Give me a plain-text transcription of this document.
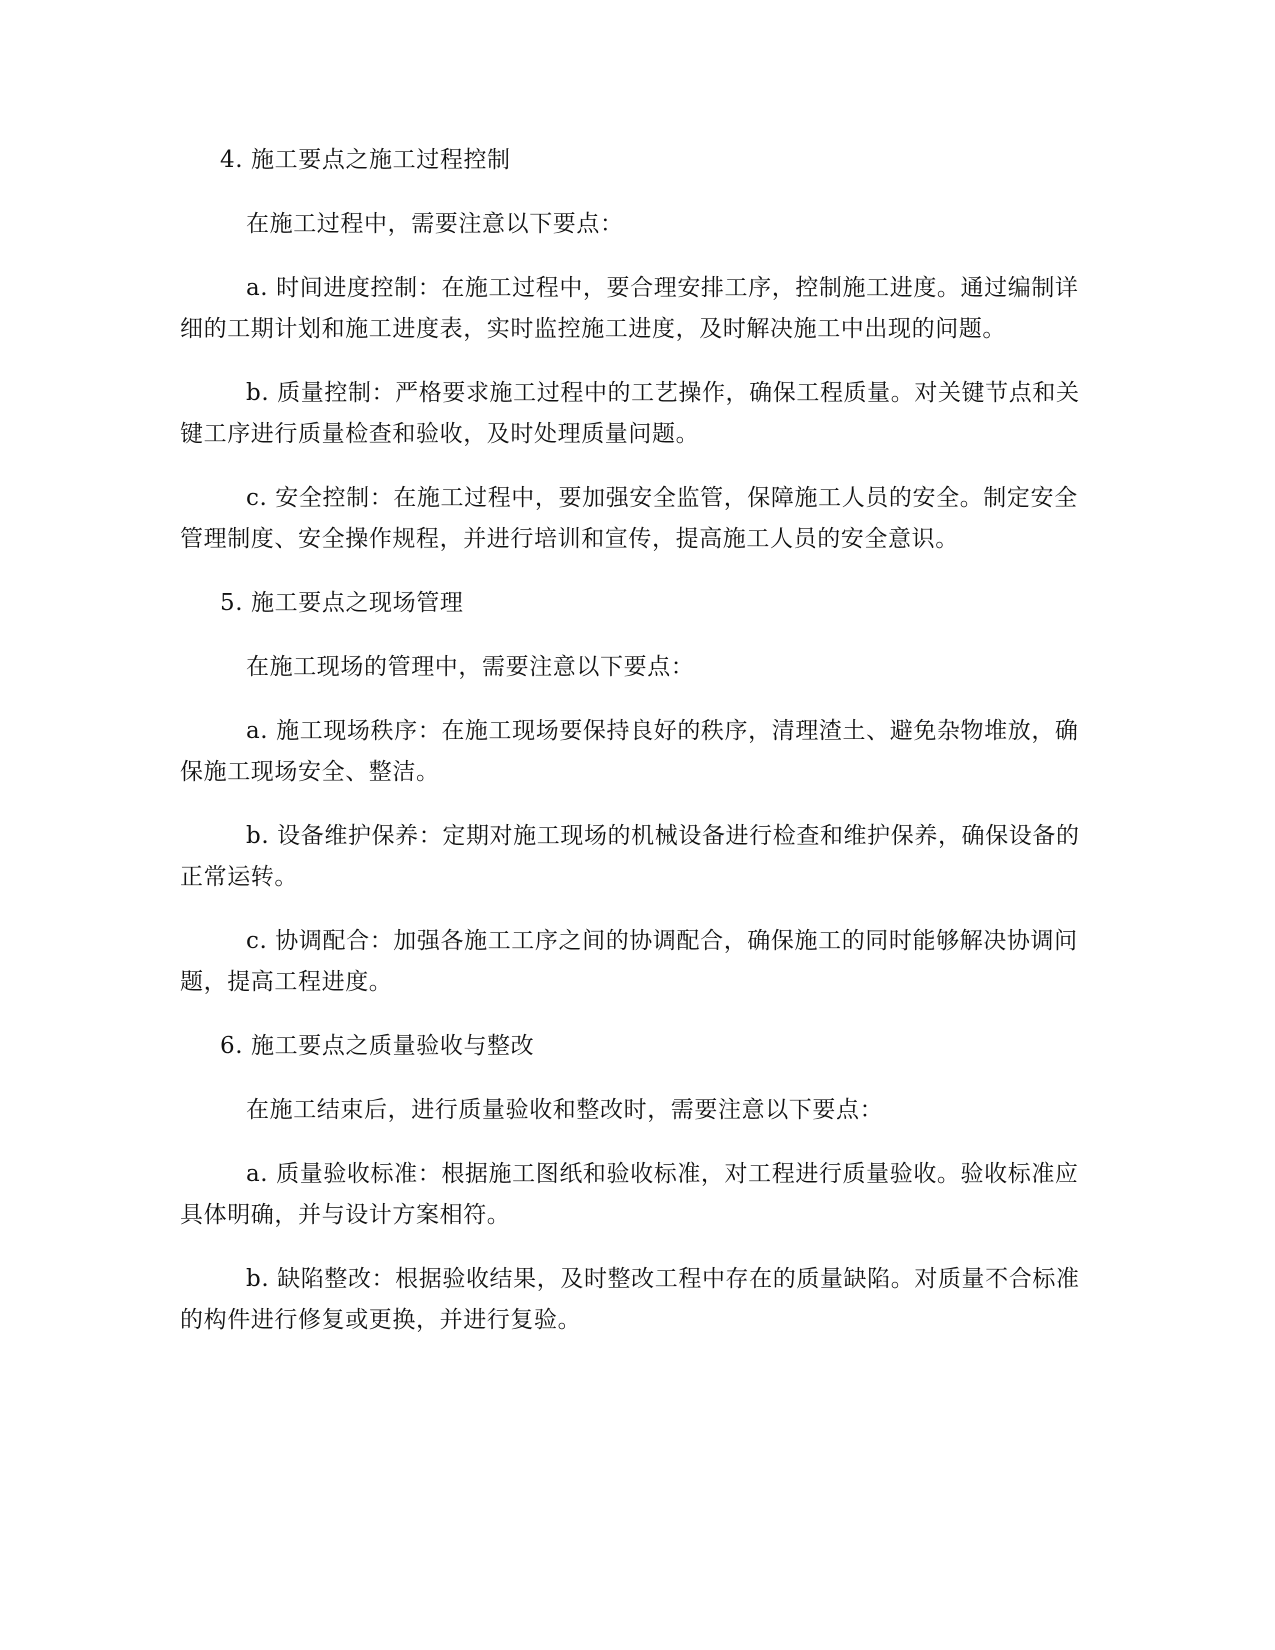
4. 施工要点之施工过程控制

在施工过程中，需要注意以下要点：

a. 时间进度控制：在施工过程中，要合理安排工序，控制施工进度。通过编制详细的工期计划和施工进度表，实时监控施工进度，及时解决施工中出现的问题。

b. 质量控制：严格要求施工过程中的工艺操作，确保工程质量。对关键节点和关键工序进行质量检查和验收，及时处理质量问题。

c. 安全控制：在施工过程中，要加强安全监管，保障施工人员的安全。制定安全管理制度、安全操作规程，并进行培训和宣传，提高施工人员的安全意识。

5. 施工要点之现场管理

在施工现场的管理中，需要注意以下要点：

a. 施工现场秩序：在施工现场要保持良好的秩序，清理渣土、避免杂物堆放，确保施工现场安全、整洁。

b. 设备维护保养：定期对施工现场的机械设备进行检查和维护保养，确保设备的正常运转。

c. 协调配合：加强各施工工序之间的协调配合，确保施工的同时能够解决协调问题，提高工程进度。

6. 施工要点之质量验收与整改

在施工结束后，进行质量验收和整改时，需要注意以下要点：

a. 质量验收标准：根据施工图纸和验收标准，对工程进行质量验收。验收标准应具体明确，并与设计方案相符。

b. 缺陷整改：根据验收结果，及时整改工程中存在的质量缺陷。对质量不合标准的构件进行修复或更换，并进行复验。
